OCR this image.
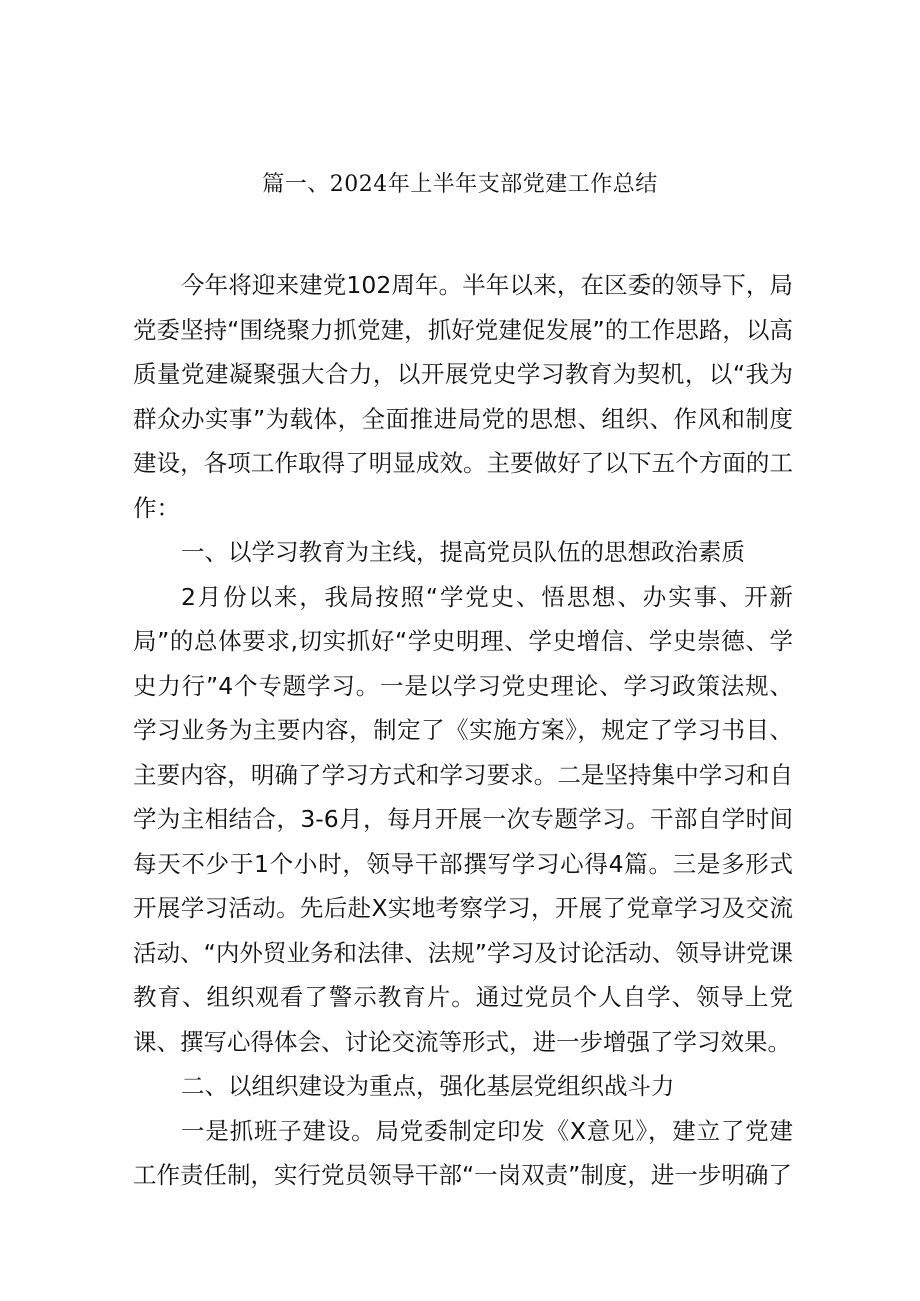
篇一、2024年上半年支部党建工作总结

今年将迎来建党102周年。半年以来，在区委的领导下，局党委坚持“围绕聚力抓党建，抓好党建促发展”的工作思路，以高质量党建凝聚强大合力，以开展党史学习教育为契机，以“我为群众办实事”为载体，全面推进局党的思想、组织、作风和制度建设，各项工作取得了明显成效。主要做好了以下五个方面的工作：

一、以学习教育为主线，提高党员队伍的思想政治素质

2月份以来，我局按照“学党史、悟思想、办实事、开新局”的总体要求,切实抓好“学史明理、学史增信、学史崇德、学史力行”4个专题学习。一是以学习党史理论、学习政策法规、学习业务为主要内容，制定了《实施方案》，规定了学习书目、主要内容，明确了学习方式和学习要求。二是坚持集中学习和自学为主相结合，3-6月，每月开展一次专题学习。干部自学时间每天不少于1个小时，领导干部撰写学习心得4篇。三是多形式开展学习活动。先后赴X实地考察学习，开展了党章学习及交流活动、“内外贸业务和法律、法规”学习及讨论活动、领导讲党课教育、组织观看了警示教育片。通过党员个人自学、领导上党课、撰写心得体会、讨论交流等形式，进一步增强了学习效果。

二、以组织建设为重点，强化基层党组织战斗力

一是抓班子建设。局党委制定印发《X意见》，建立了党建工作责任制，实行党员领导干部“一岗双责”制度，进一步明确了
